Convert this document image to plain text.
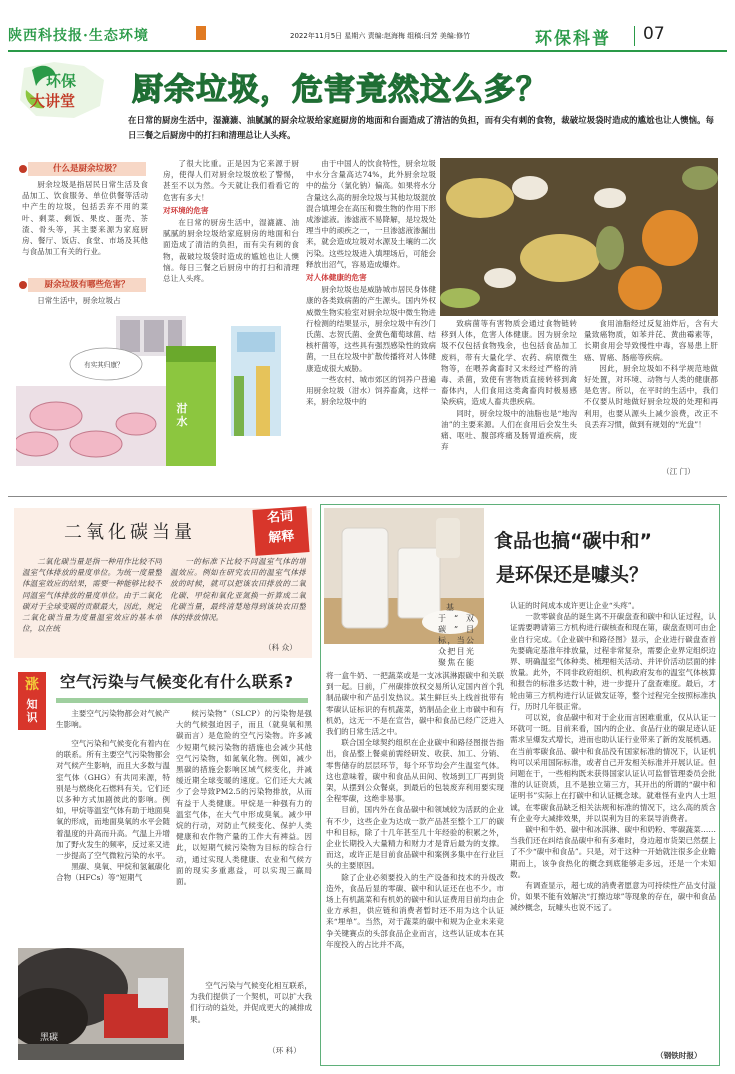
陕西科技报·生态环境	2022年11月5日 星期六 责编:赵海梅 组稿:闫芳 美编:修竹	环保科普 07
环保
大讲堂 厨余垃圾，危害竟然这么多？
在日常的厨房生活中，湿漉漉、油腻腻的厨余垃圾给家庭厨房的地面和台面造成了清洁的负担，而有尖有刺的食物，裁破垃圾袋时造成的尴尬也让人懊恼。每日三餐之后厨房中的打扫和清理总让人头疼。
什么是厨余垃圾？

厨余垃圾是指居民日常生活及食品加工、饮食服务、单位供餐等活动中产生的垃圾，包括丢弃不用的菜叶、剩菜、剩饭、果皮、蛋壳、茶渣、骨头等，其主要来源为家庭厨房、餐厅、饭店、食堂、市场及其他与食品加工有关的行业。

厨余垃圾有哪些危害？

日常生活中，厨余垃圾占

了很大比重。正是因为它来源于厨房，使得人们对厨余垃圾放松了警惕，甚至不以为然。今天就让我们看看它的危害有多大！

对环境的危害

在日常的厨房生活中，湿漉漉、油腻腻的厨余垃圾给家庭厨房的地面和台面造成了清洁的负担，而有尖有刺的食物，裁破垃圾袋时造成的尴尬也让人懊恼。每日三餐之后厨房中的打扫和清理总让人头疼。

由于中国人的饮食特性，厨余垃圾中水分含量高达74%，此外厨余垃圾中的盐分（氯化钠）偏高。如果将水分含量这么高的厨余垃圾与其他垃圾混放混合填埋会在高压和微生物的作用下形成渗滤液。渗滤液不易降解，是垃圾处理当中的顽疾之一，一旦渗滤液渗漏出来，就会造成垃圾对水源及土壤的二次污染。这些垃圾进入填埋场后，可能会释放出沼气，容易造成爆炸。

对人体健康的危害

厨余垃圾也是威胁城市居民身体健康的各类致病菌的产生源头。国内外权威微生物实验室对厨余垃圾中微生物进行检测的结果显示，厨余垃圾中有沙门氏菌、志贺氏菌、金黄色葡萄球菌、结核杆菌等，这些具有强烈感染性的致病菌，一旦在垃圾中扩散传播将对人体健康造成很大威胁。

一些农村、城市郊区的饲养户普遍用厨余垃圾（泔水）饲养畜禽，这样一来，厨余垃圾中的

致病菌等有害物质会通过食物链转移到人体，危害人体健康。因为厨余垃圾不仅包括食物残余，也包括食品加工废料，带有大量化学、农药、病原微生物等，在喂养禽畜时又未经过严格的消毒、杀菌，致使有害物质直接转移到禽畜体内，人们食用这类禽畜肉时极易感染疾病，造成人畜共患疾病。

同时，厨余垃圾中的油脂也是“地沟油”的主要来源。人们在食用后会发生头痛、呕吐、腹部疼痛及肠胃道疾病，废弃

食用油脂经过反复油炸后，含有大量致癌物质，如苯并芘、黄曲霉素等，长期食用会导致慢性中毒，容易患上肝癌、胃癌、肠癌等疾病。

因此，厨余垃圾如不科学规范地做好处置，对环境、动物与人类的健康都是危害。所以，在平时的生活中，我们不仅要从时地做好厨余垃圾的处理和再利用，也要从源头上减少浪费，改正不良丢弃习惯，做到有规划的“光盘”！

（江 门）
有实其归康？
泔
水
二氧化碳当量
名词
解释

二氧化碳当量是指一种用作比较不同温室气体排放的量度单位。为统一度量整体温室效应的结果，需要一种能够比较不同温室气体排放的量度单位。由于二氧化碳对于全球变暖的贡献最大，因此，规定二氧化碳当量为度量温室效应的基本单位，以在统

一的标准下比较不同温室气体的增温效应。例如在研究农田的温室气体排放的时候，就可以把该农田排放的二氧化碳、甲烷和氧化亚氮换一折算成二氧化碳当量，最终清楚地得到该块农田整体的排放情况。

（科 众）
涨
知识
空气污染与气候变化有什么联系?

主要空气污染物都会对气候产生影响。

空气污染和气候变化有着内在的联系。所有主要空气污染物都会对气候产生影响，而且大多数与温室气体（GHG）有共同来源，特别是与燃烧化石燃料有关。它们还以多种方式加剧彼此的影响。例如，甲烷等温室气体有助于地面臭氧的形成，而地面臭氧的水平会随着温度的升高而升高。气温上升增加了野火发生的频率，反过来又进一步提高了空气微粒污染的水平。

黑碳、臭氧、甲烷和氢氟碳化合物（HFCs）等“短期气

候污染物”（SLCP）的污染物是强大的气候强迫因子，而且（就臭氧和黑碳而言）是危险的空气污染物。许多减少短期气候污染物的措施也会减少其他空气污染物，如氮氧化物。例如，减少黑碳的措施会影响区域气候变化，并减缓近期全球变暖的速度。它们还大大减少了会导致PM2.5的污染物排放，从而有益于人类健康。甲烷是一种强有力的温室气体，在大气中形成臭氧。减少甲烷的行动，对防止气候变化、保护人类健康和农作物产量的工作大有裨益。因此，以短期气候污染物为目标的综合行动，通过实现人类健康、农业和气候方面的现实多重惠益，可以实现三赢局面。

空气污染与气候变化相互联系，为我们提供了一个契机，可以扩大我们行动的益处，并促成更大的减排成果。

（环 科）
黑碳
食品也搞“碳中和”
是环保还是噱头？

基于“双碳”目标，当公众把目光聚焦在能

将一盒牛奶、一把蔬菜或是一支冰淇淋跟碳中和关联到一起。日前，广州碳排放权交易所认定国内首个乳制品碳中和产品引发热议。某生鲜巨头上线首批带有零碳认证标识的有机蔬菜，奶制品企业上市碳中和有机奶，这无一不是在宣告，碳中和食品已经广泛进入我们的日常生活之中。

联合国全球契约组织在企业碳中和路径图报告指出，食品整上餐桌前需经研发、收获、加工、分销、零售储存的层层环节，每个环节均会产生温室气体。这也意味着，碳中和食品从田间、牧场到工厂再到货架，从摆到公众餐桌，到最后的包装废弃利用要实现全程零碳，这绝非易事。

目前，国内外在食品碳中和领域较为活跃的企业有不少，这些企业为达成一款产品甚至整个工厂的碳中和目标，除了十几年甚至几十年经验的积累之外，企业长期投入大量精力和财力才是背后最为的支撑。而这，或许正是目前食品碳中和案例多集中在行业巨头的主要原因。

除了企业必须要投入的生产设备和技术的升级改造外，食品后显的零碳、碳中和认证还在也不少。市场上有机蔬菜和有机奶的碳中和认证费用目前均由企业方承担，供应链和消费者暂时还不用为这个认证来“埋单”。当然，对于蔬菜的碳中和规为企业未来竞争关键赛点的头部食品企业而言，这些认证成本在其年度投入的占比并不高，

认证的时间成本成许更让企业“头疼”。

一款零碳食品的诞生离不开碳盘查和碳中和认证过程，认证需要聘请第三方机构进行碳核查和现在第，碳盘查则可由企业自行完成。《企业碳中和路径图》显示，企业进行碳盘查首先要确定基准年排放量，过程非常复杂，需要企业界定组织边界、明确温室气体种类、梳理相关活动、并评价活动层面的排放量。此外，不同非政府组织、机构政府发布的温室气体核算和报告的标准多达数十种，进一步提升了盘查难度。最后，才轮由第三方机构进行认证做发证等，整个过程完全按照标准执行，历时几年很正常。

可以说，食品碳中和对于企业而言困难重重，仅从认证一环就可一斑。目前来看，国内的企业、食品行业的碳足迹认证需求呈爆发式增长，进而也助认证行业带来了新的发展机遇。在当前零碳食品、碳中和食品没有国家标准的情况下，认证机构可以采用国际标准，或者自己开发相关标准并开展认证。但问题在于，一些相构既未获得国家认证认可监督管理委员会批准的认证资质，且不是独立第三方，其开出的所谓的“碳中和证明书”实际上在打碳中和认证概念球。就难怪有业内人士坦诚，在零碳食品缺乏相关法规和标准的情况下，这么高的质含有企业夸大减排效果，并以误利为目的来误导消费者。

碳中和牛奶、碳中和冰淇淋、碳中和奶粉、零碳蔬菜……当我们还在纠结食品碳中和有多难时，身边超市货架已然摆上了不少“碳中和食品”。只是，对于这种一开始就注很多企业瞻期而上，该争食热化的概念到底能够走多远，还是一个未知数。

有调查显示，超七成的消费者愿意为可持续性产品支付溢价，如果不能有效解决“打擦边球”等现象的存在，碳中和食品减纱概念，玩噱头也说不远了。

（钢铁时报）
